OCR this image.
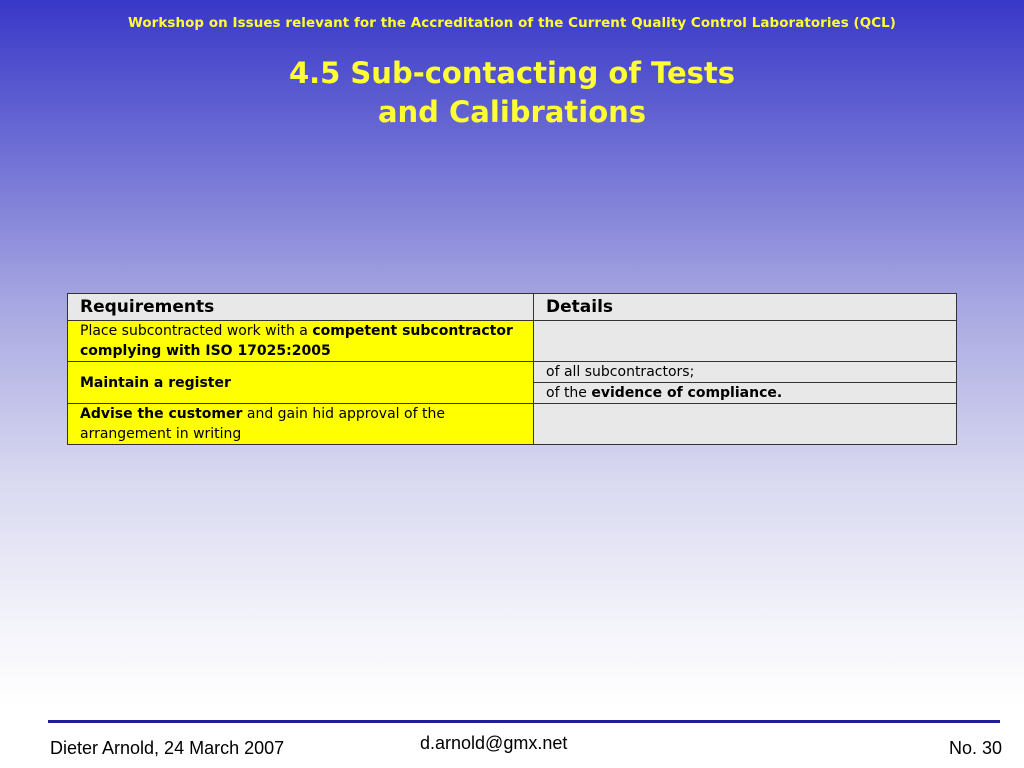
Workshop on Issues relevant for the Accreditation of the Current Quality Control Laboratories (QCL)
4.5 Sub-contacting of Tests
and Calibrations
Requirements	Details
Place subcontracted work with a competent subcontractor complying with ISO 17025:2005	
Maintain a register	of all subcontractors;
	of the evidence of compliance.
Advise the customer and gain hid approval of the arrangement in writing	
Dieter Arnold, 24 March 2007	d.arnold@gmx.net	No. 30
